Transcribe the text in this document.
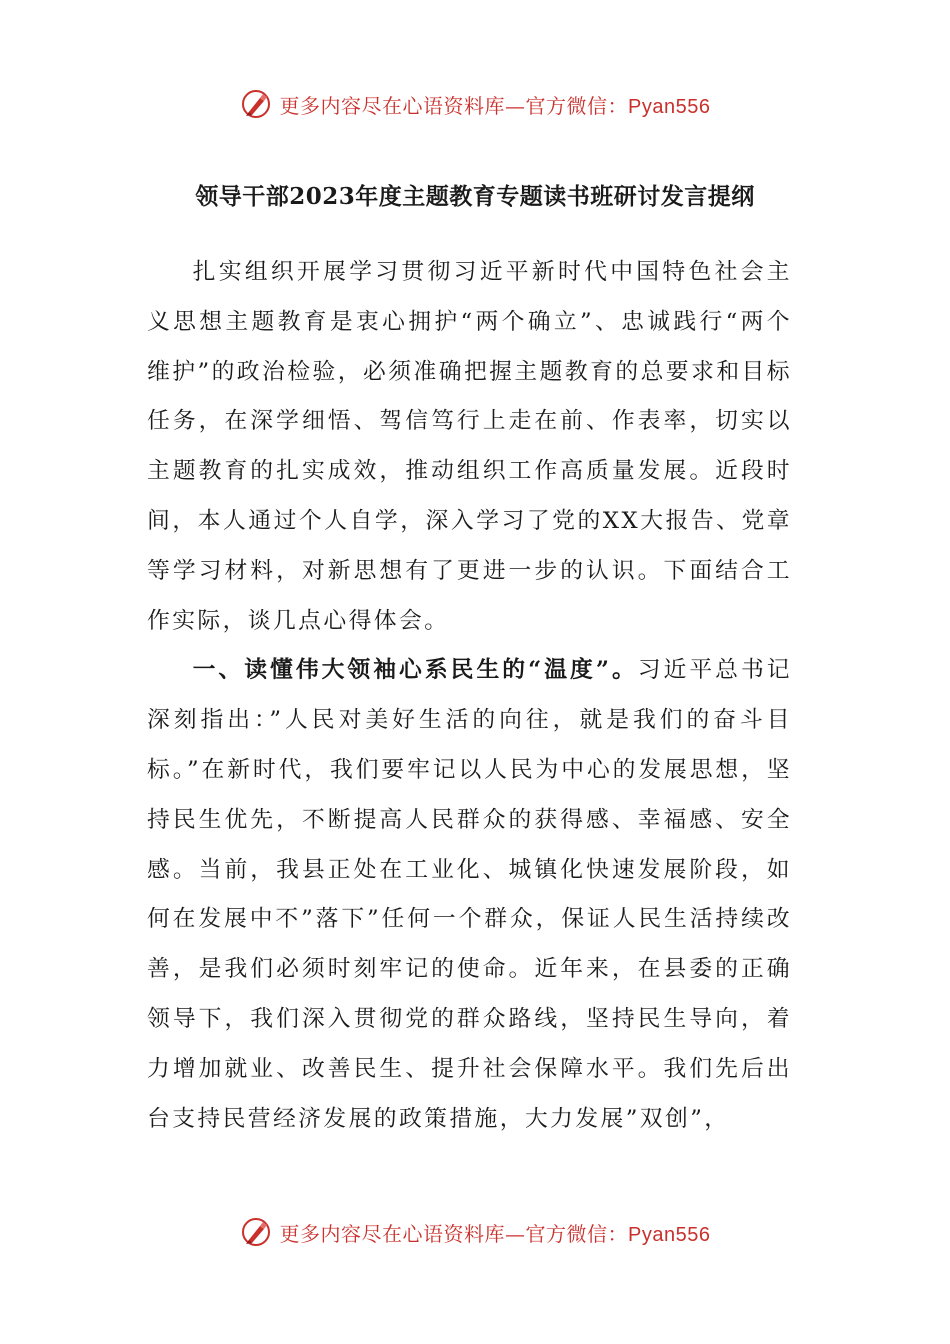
更多内容尽在心语资料库—官方微信：Pyan556
领导干部2023年度主题教育专题读书班研讨发言提纲

扎实组织开展学习贯彻习近平新时代中国特色社会主义思想主题教育是衷心拥护“两个确立”、忠诚践行“两个维护”的政治检验，必须准确把握主题教育的总要求和目标任务，在深学细悟、驾信笃行上走在前、作表率，切实以主题教育的扎实成效，推动组织工作高质量发展。近段时间，本人通过个人自学，深入学习了党的XX大报告、党章等学习材料，对新思想有了更进一步的认识。下面结合工作实际，谈几点心得体会。

一、读懂伟大领袖心系民生的“温度”。习近平总书记深刻指出：”人民对美好生活的向往，就是我们的奋斗目标。”在新时代，我们要牢记以人民为中心的发展思想，坚持民生优先，不断提高人民群众的获得感、幸福感、安全感。当前，我县正处在工业化、城镇化快速发展阶段，如何在发展中不”落下”任何一个群众，保证人民生活持续改善，是我们必须时刻牢记的使命。近年来，在县委的正确领导下，我们深入贯彻党的群众路线，坚持民生导向，着力增加就业、改善民生、提升社会保障水平。我们先后出台支持民营经济发展的政策措施，大力发展”双创”，

更多内容尽在心语资料库—官方微信：Pyan556
